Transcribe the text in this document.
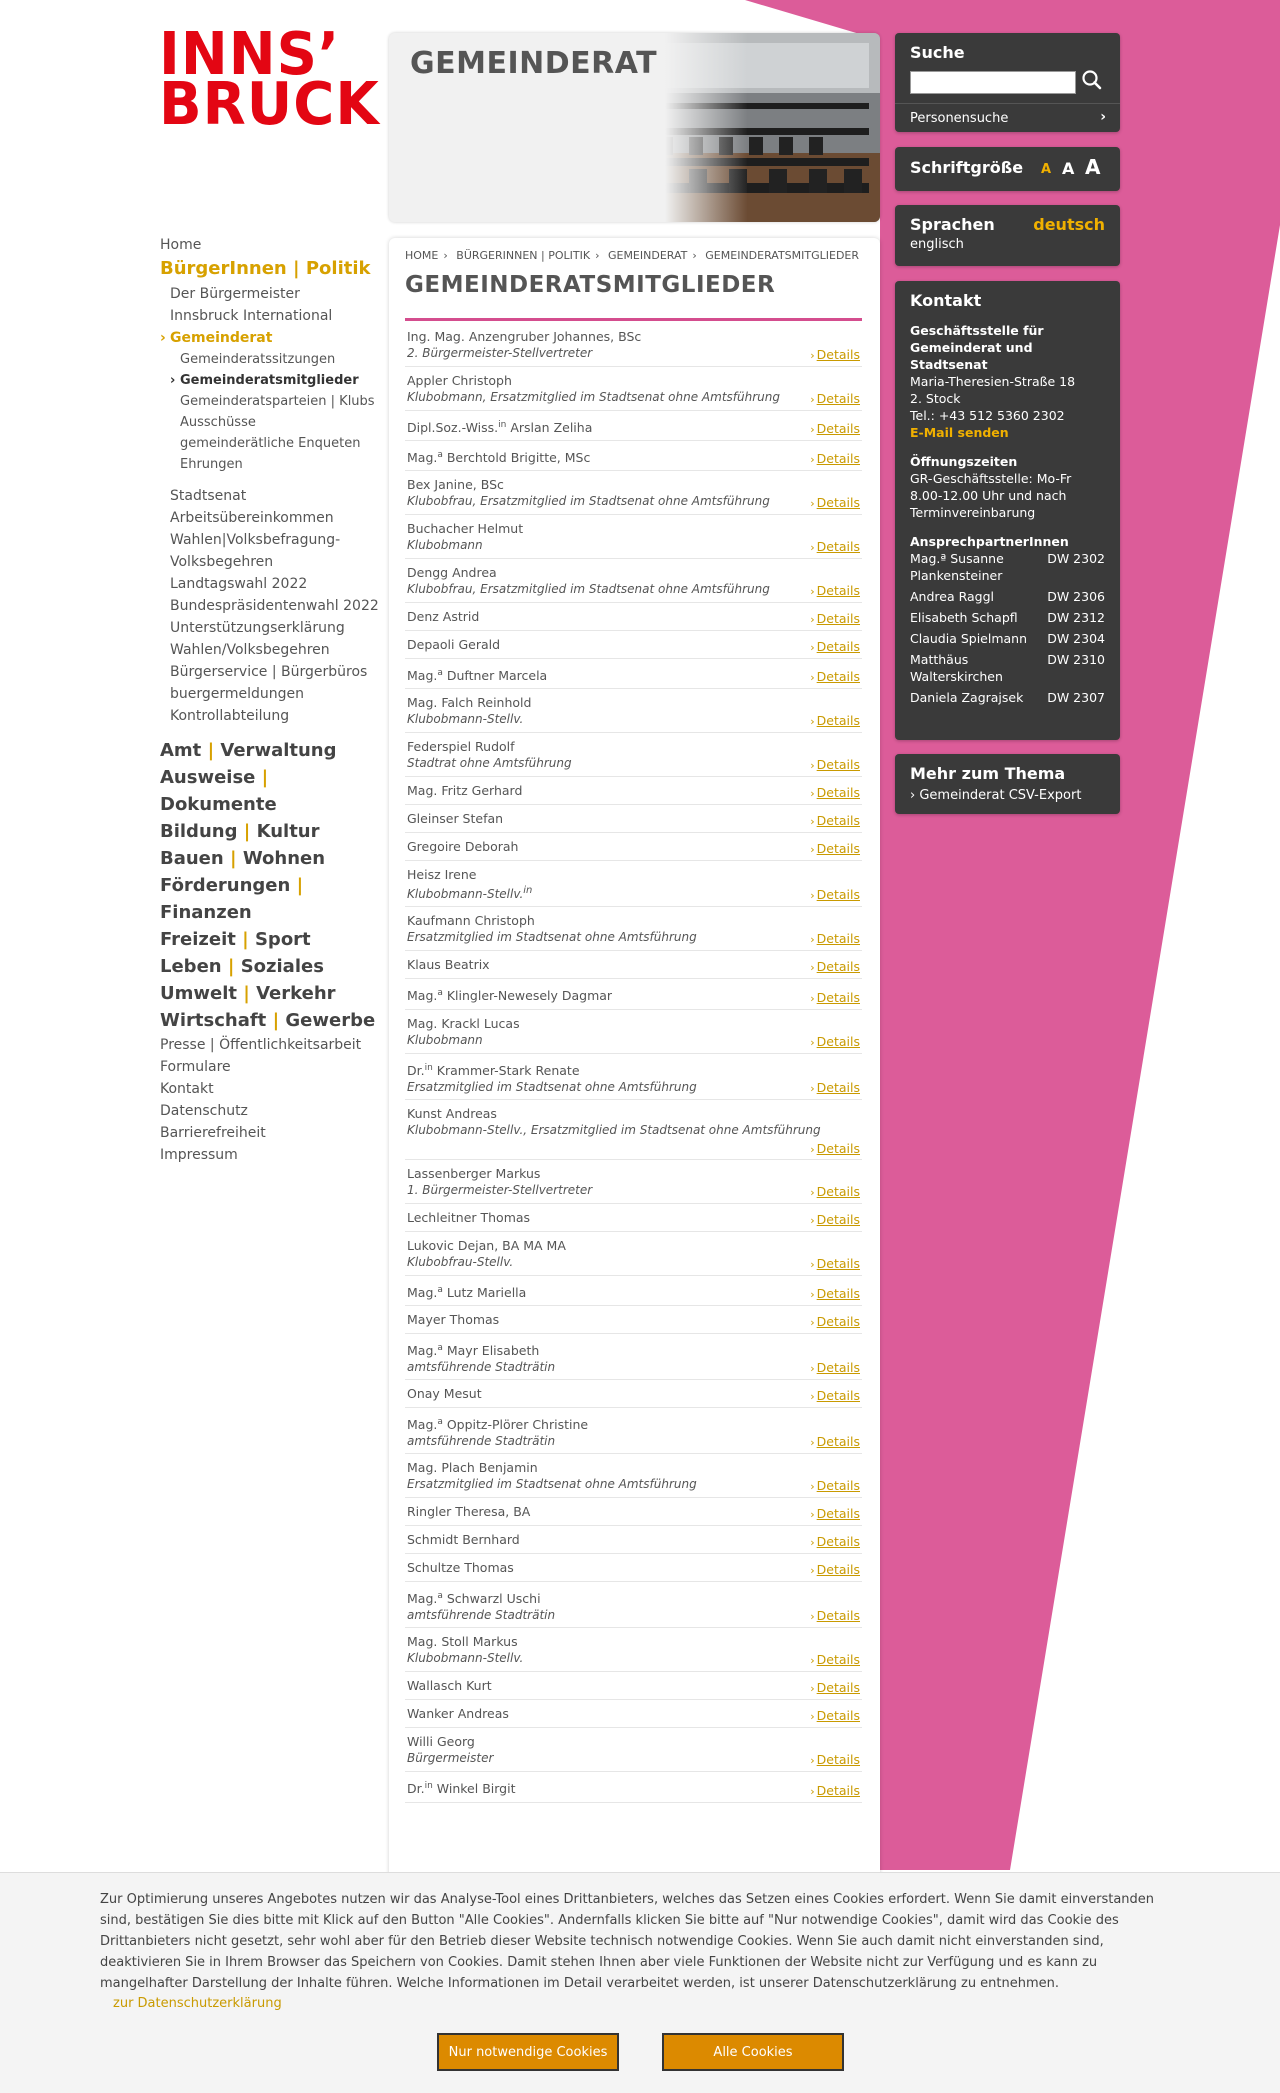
INNS’
BRUCK
GEMEINDERAT
Home
BürgerInnen | Politik
Der Bürgermeister
Innsbruck International
› Gemeinderat
Gemeinderatssitzungen
› Gemeinderatsmitglieder
Gemeinderatsparteien | Klubs
Ausschüsse
gemeinderätliche Enqueten
Ehrungen
Stadtsenat
Arbeitsübereinkommen
Wahlen|Volksbefragung-Volksbegehren
Landtagswahl 2022
Bundespräsidentenwahl 2022
Unterstützungserklärung
Wahlen/Volksbegehren
Bürgerservice | Bürgerbüros
buergermeldungen
Kontrollabteilung
Amt | Verwaltung
Ausweise | Dokumente
Bildung | Kultur
Bauen | Wohnen
Förderungen | Finanzen
Freizeit | Sport
Leben | Soziales
Umwelt | Verkehr
Wirtschaft | Gewerbe
Presse | Öffentlichkeitsarbeit
Formulare
Kontakt
Datenschutz
Barrierefreiheit
Impressum
HOME › BÜRGERINNEN | POLITIK › GEMEINDERAT › GEMEINDERATSMITGLIEDER
GEMEINDERATSMITGLIEDER
Ing. Mag. Anzengruber Johannes, BSc
2. Bürgermeister-Stellvertreter	› Details
Appler Christoph
Klubobmann, Ersatzmitglied im Stadtsenat ohne Amtsführung	› Details
Dipl.Soz.-Wiss.$^{in}$ Arslan Zeliha	› Details
Mag.$^a$ Berchtold Brigitte, MSc	› Details
Bex Janine, BSc
Klubobfrau, Ersatzmitglied im Stadtsenat ohne Amtsführung	› Details
Buchacher Helmut
Klubobmann	› Details
Dengg Andrea
Klubobfrau, Ersatzmitglied im Stadtsenat ohne Amtsführung	› Details
Denz Astrid	› Details
Depaoli Gerald	› Details
Mag.$^a$ Duftner Marcela	› Details
Mag. Falch Reinhold
Klubobmann-Stellv.	› Details
Federspiel Rudolf
Stadtrat ohne Amtsführung	› Details
Mag. Fritz Gerhard	› Details
Gleinser Stefan	› Details
Gregoire Deborah	› Details
Heisz Irene
Klubobmann-Stellv.$^{in}$	› Details
Kaufmann Christoph
Ersatzmitglied im Stadtsenat ohne Amtsführung	› Details
Klaus Beatrix	› Details
Mag.$^a$ Klingler-Newesely Dagmar	› Details
Mag. Krackl Lucas
Klubobmann	› Details
Dr.$^{in}$ Krammer-Stark Renate
Ersatzmitglied im Stadtsenat ohne Amtsführung	› Details
Kunst Andreas
Klubobmann-Stellv., Ersatzmitglied im Stadtsenat ohne Amtsführung
› Details
Lassenberger Markus
1. Bürgermeister-Stellvertreter	› Details
Lechleitner Thomas	› Details
Lukovic Dejan, BA MA MA
Klubobfrau-Stellv.	› Details
Mag.$^a$ Lutz Mariella	› Details
Mayer Thomas	› Details
Mag.$^a$ Mayr Elisabeth
amtsführende Stadträtin	› Details
Onay Mesut	› Details
Mag.$^a$ Oppitz-Plörer Christine
amtsführende Stadträtin	› Details
Mag. Plach Benjamin
Ersatzmitglied im Stadtsenat ohne Amtsführung	› Details
Ringler Theresa, BA	› Details
Schmidt Bernhard	› Details
Schultze Thomas	› Details
Mag.$^a$ Schwarzl Uschi
amtsführende Stadträtin	› Details
Mag. Stoll Markus
Klubobmann-Stellv.	› Details
Wallasch Kurt	› Details
Wanker Andreas	› Details
Willi Georg
Bürgermeister	› Details
Dr.$^{in}$ Winkel Birgit	› Details
Suche
Personensuche	›
Schriftgröße A A A
Sprachen deutsch
englisch
Kontakt
Geschäftsstelle für Gemeinderat und Stadtsenat
Maria-Theresien-Straße 18
2. Stock
Tel.: +43 512 5360 2302
E-Mail senden
Öffnungszeiten
GR-Geschäftsstelle: Mo-Fr 8.00-12.00 Uhr und nach Terminvereinbarung
AnsprechpartnerInnen
Mag.ª Susanne Plankensteiner
DW 2302
Andrea Raggl	DW 2306
Elisabeth Schapfl	DW 2312
Claudia Spielmann	DW 2304
Matthäus Walterskirchen
DW 2310
Daniela Zagrajsek	DW 2307
Mehr zum Thema
› Gemeinderat CSV-Export
Zur Optimierung unseres Angebotes nutzen wir das Analyse-Tool eines Drittanbieters, welches das Setzen eines Cookies erfordert. Wenn Sie damit einverstanden sind, bestätigen Sie dies bitte mit Klick auf den Button "Alle Cookies". Andernfalls klicken Sie bitte auf "Nur notwendige Cookies", damit wird das Cookie des Drittanbieters nicht gesetzt, sehr wohl aber für den Betrieb dieser Website technisch notwendige Cookies. Wenn Sie auch damit nicht einverstanden sind, deaktivieren Sie in Ihrem Browser das Speichern von Cookies. Damit stehen Ihnen aber viele Funktionen der Website nicht zur Verfügung und es kann zu mangelhafter Darstellung der Inhalte führen. Welche Informationen im Detail verarbeitet werden, ist unserer Datenschutzerklärung zu entnehmen.
zur Datenschutzerklärung
Nur notwendige Cookies	Alle Cookies
